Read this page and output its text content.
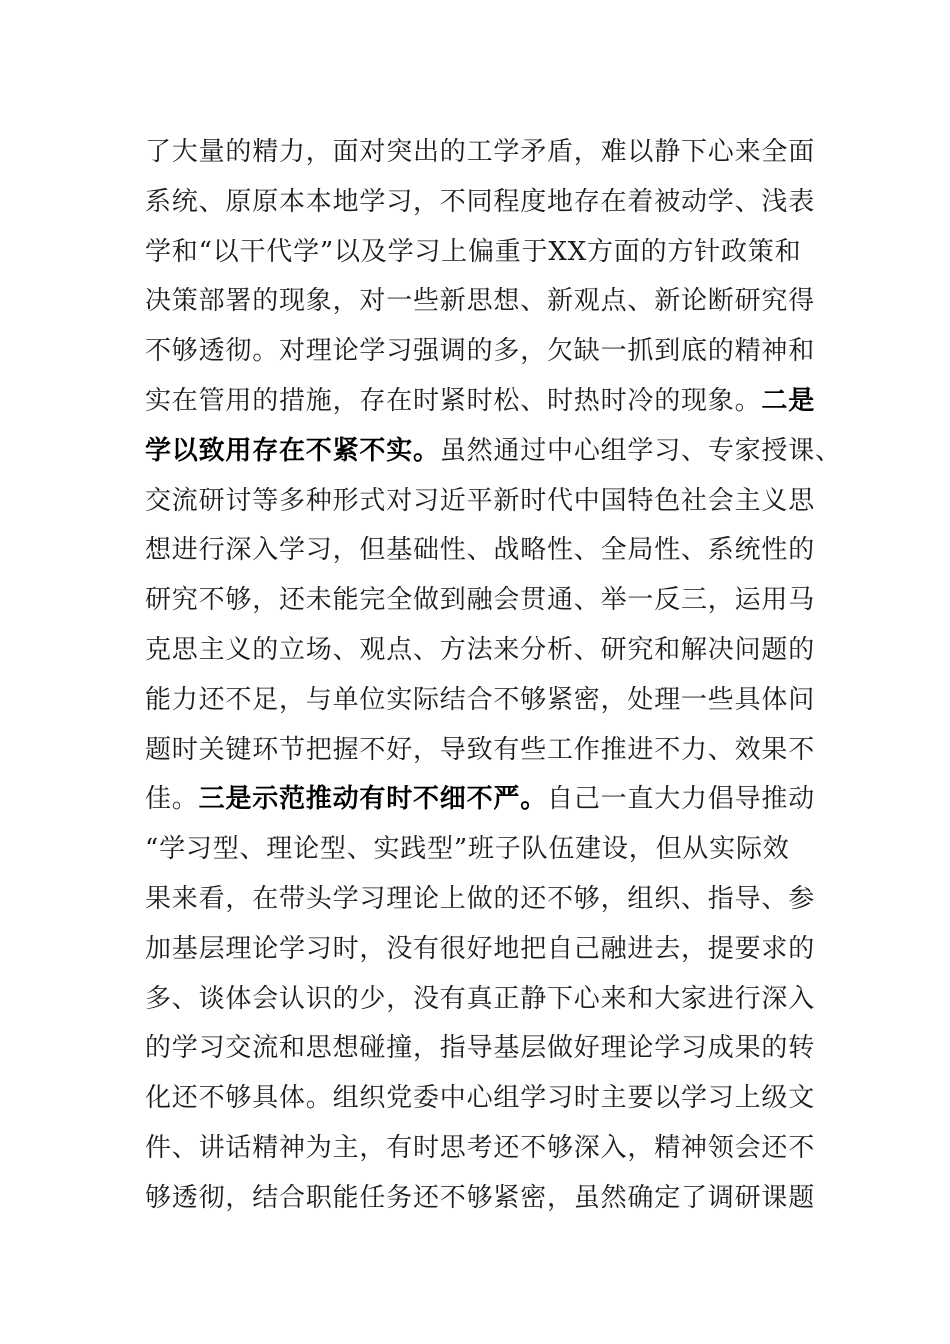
了大量的精力，面对突出的工学矛盾，难以静下心来全面
系统、原原本本地学习，不同程度地存在着被动学、浅表
学和“以干代学”以及学习上偏重于XX方面的方针政策和
决策部署的现象，对一些新思想、新观点、新论断研究得
不够透彻。对理论学习强调的多，欠缺一抓到底的精神和
实在管用的措施，存在时紧时松、时热时冷的现象。二是
学以致用存在不紧不实。虽然通过中心组学习、专家授课、
交流研讨等多种形式对习近平新时代中国特色社会主义思
想进行深入学习，但基础性、战略性、全局性、系统性的
研究不够，还未能完全做到融会贯通、举一反三，运用马
克思主义的立场、观点、方法来分析、研究和解决问题的
能力还不足，与单位实际结合不够紧密，处理一些具体问
题时关键环节把握不好，导致有些工作推进不力、效果不
佳。三是示范推动有时不细不严。自己一直大力倡导推动
“学习型、理论型、实践型”班子队伍建设，但从实际效
果来看，在带头学习理论上做的还不够，组织、指导、参
加基层理论学习时，没有很好地把自己融进去，提要求的
多、谈体会认识的少，没有真正静下心来和大家进行深入
的学习交流和思想碰撞，指导基层做好理论学习成果的转
化还不够具体。组织党委中心组学习时主要以学习上级文
件、讲话精神为主，有时思考还不够深入，精神领会还不
够透彻，结合职能任务还不够紧密，虽然确定了调研课题
